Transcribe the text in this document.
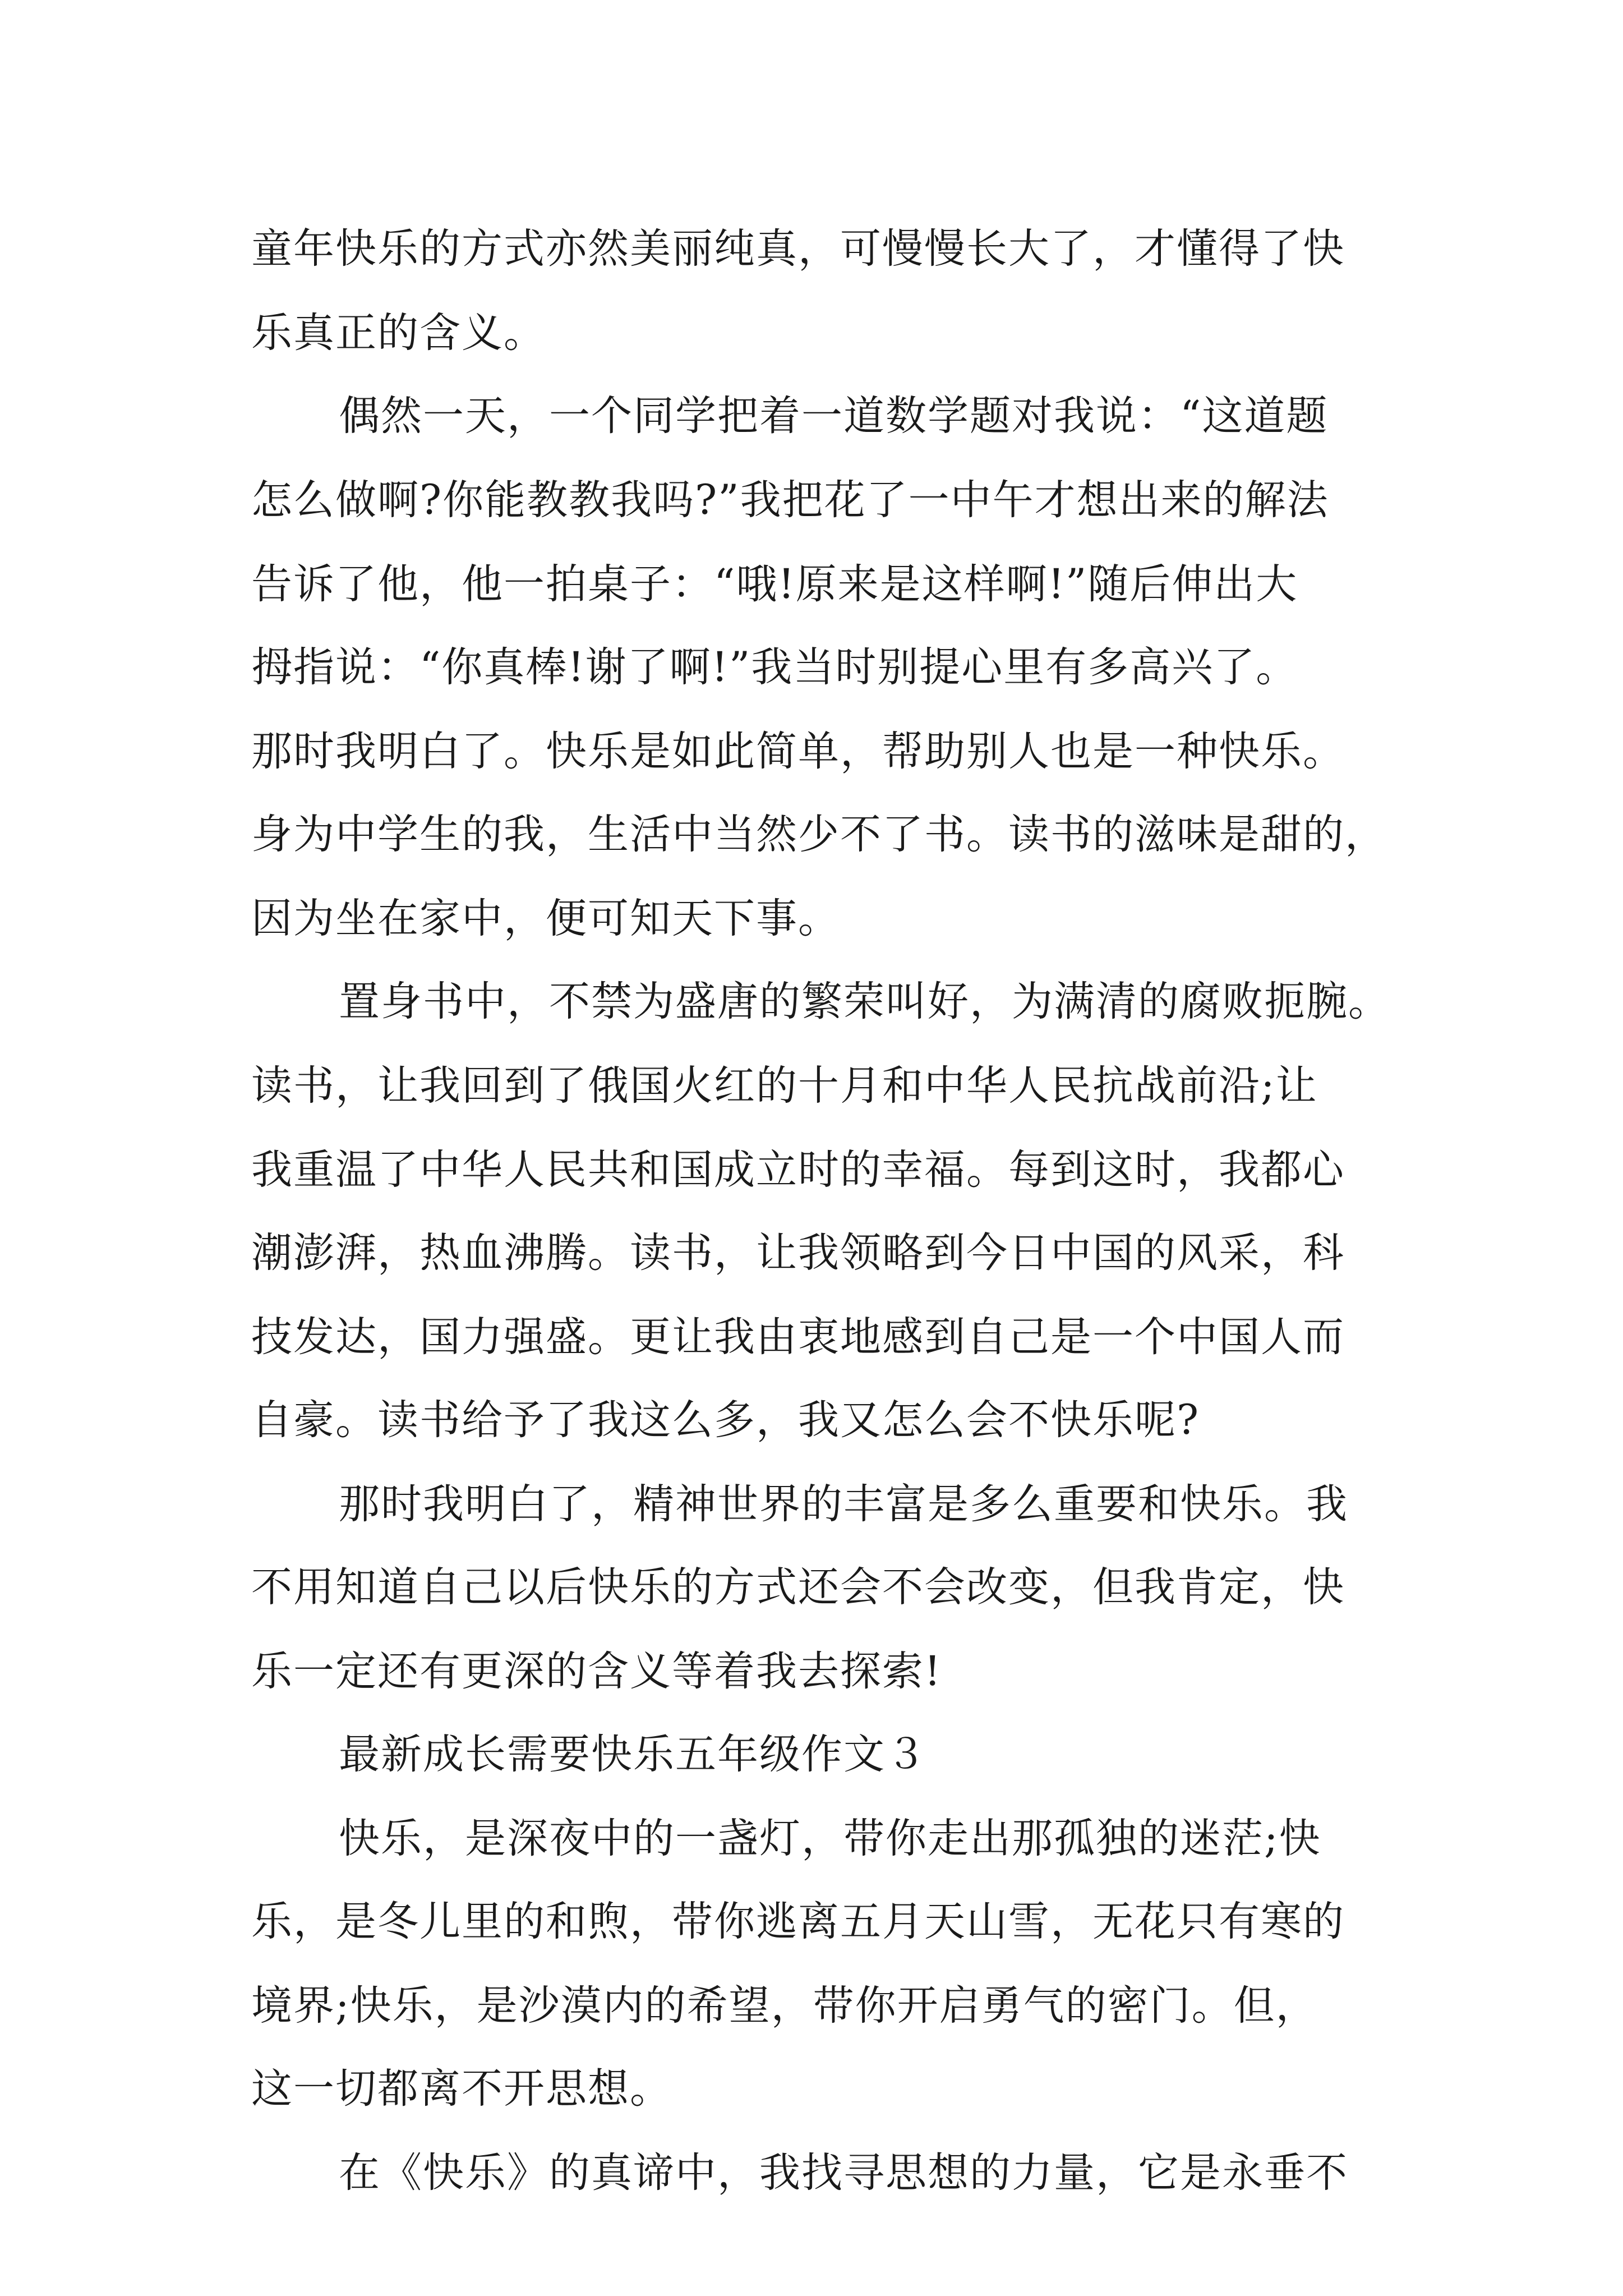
童年快乐的方式亦然美丽纯真，可慢慢长大了，才懂得了快
乐真正的含义。
偶然一天，一个同学把着一道数学题对我说：“这道题
怎么做啊?你能教教我吗?”我把花了一中午才想出来的解法
告诉了他，他一拍桌子：“哦!原来是这样啊!”随后伸出大
拇指说：“你真棒!谢了啊!”我当时别提心里有多高兴了。
那时我明白了。快乐是如此简单，帮助别人也是一种快乐。
身为中学生的我，生活中当然少不了书。读书的滋味是甜的，
因为坐在家中，便可知天下事。
置身书中，不禁为盛唐的繁荣叫好，为满清的腐败扼腕。
读书，让我回到了俄国火红的十月和中华人民抗战前沿;让
我重温了中华人民共和国成立时的幸福。每到这时，我都心
潮澎湃，热血沸腾。读书，让我领略到今日中国的风采，科
技发达，国力强盛。更让我由衷地感到自己是一个中国人而
自豪。读书给予了我这么多，我又怎么会不快乐呢?
那时我明白了，精神世界的丰富是多么重要和快乐。我
不用知道自己以后快乐的方式还会不会改变，但我肯定，快
乐一定还有更深的含义等着我去探索!
最新成长需要快乐五年级作文３
快乐，是深夜中的一盏灯，带你走出那孤独的迷茫;快
乐，是冬儿里的和煦，带你逃离五月天山雪，无花只有寒的
境界;快乐，是沙漠内的希望，带你开启勇气的密门。但，
这一切都离不开思想。
在《快乐》的真谛中，我找寻思想的力量，它是永垂不
